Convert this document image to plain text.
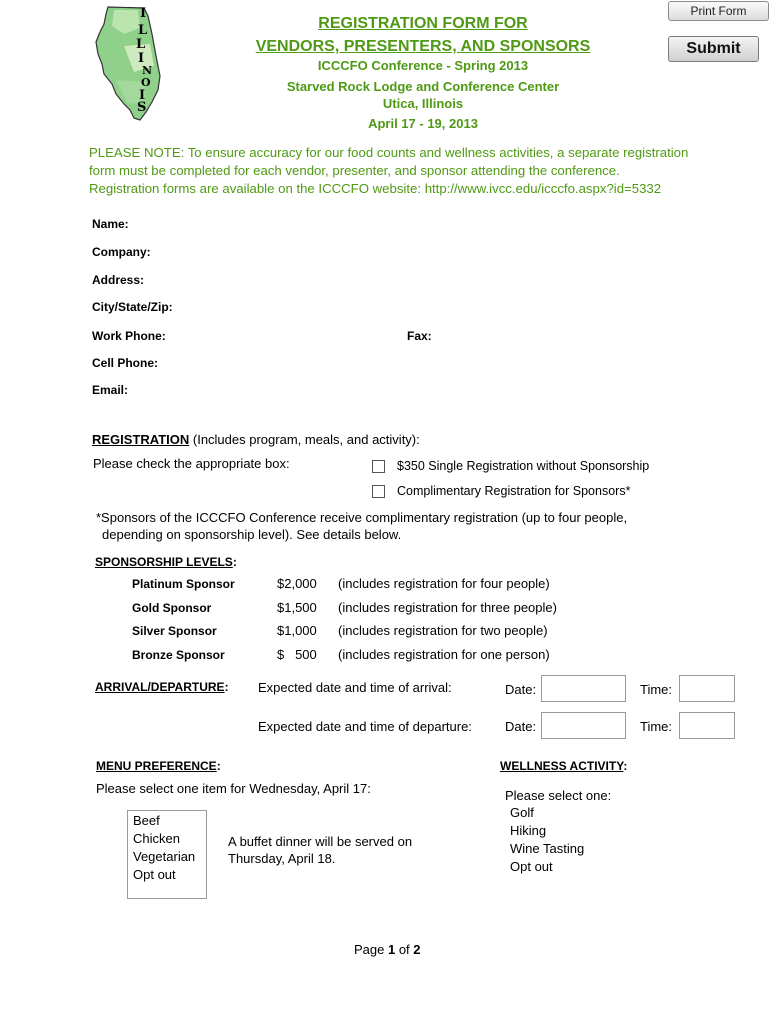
Print Form
Submit
I
L
L
I
N
O
I
S
REGISTRATION FORM FOR
VENDORS, PRESENTERS, AND SPONSORS
ICCCFO Conference - Spring 2013
Starved Rock Lodge and Conference Center
Utica, Illinois
April 17 - 19, 2013
PLEASE NOTE: To ensure accuracy for our food counts and wellness activities, a separate registration
form must be completed for each vendor, presenter, and sponsor attending the conference.
Registration forms are available on the ICCCFO website: http://www.ivcc.edu/icccfo.aspx?id=5332
Name:
Company:
Address:
City/State/Zip:
Work Phone:	Fax:
Cell Phone:
Email:
REGISTRATION (Includes program, meals, and activity):
Please check the appropriate box:	$350 Single Registration without Sponsorship
Complimentary Registration for Sponsors*
*Sponsors of the ICCCFO Conference receive complimentary registration (up to four people,
depending on sponsorship level). See details below.
SPONSORSHIP LEVELS:
Platinum Sponsor	$2,000 (includes registration for four people)
Gold Sponsor	$1,500 (includes registration for three people)
Silver Sponsor	$1,000 (includes registration for two people)
Bronze Sponsor	$   500 (includes registration for one person)
ARRIVAL/DEPARTURE: Expected date and time of arrival:	Date:	Time:
Expected date and time of departure:	Date:	Time:
MENU PREFERENCE:
Please select one item for Wednesday, April 17:
Beef
Chicken
Vegetarian
Opt out
A buffet dinner will be served on
Thursday, April 18.
WELLNESS ACTIVITY:
Please select one:
Golf
Hiking
Wine Tasting
Opt out
Page 1 of 2
